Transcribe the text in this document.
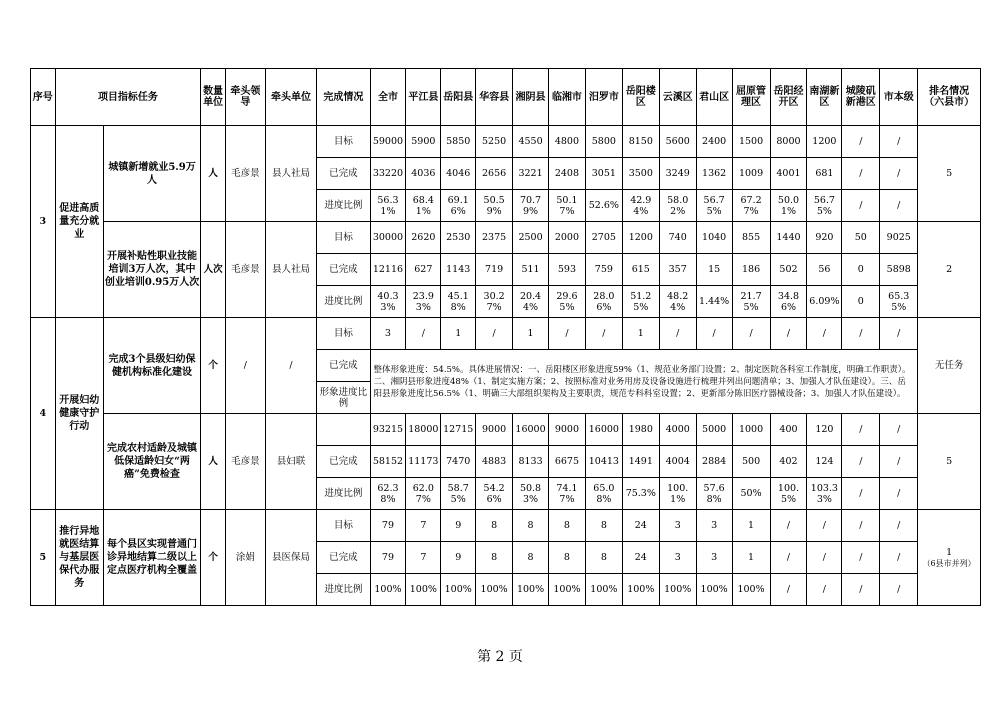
序号	项目指标任务		数量单位	牵头领导	牵头单位	完成情况	全市	平江县	岳阳县	华容县	湘阴县	临湘市	汨罗市	岳阳楼区	云溪区	君山区	屈原管理区	岳阳经开区	南湖新区	城陵矶新港区	市本级	排名情况（六县市）
3	促进高质量充分就业	城镇新增就业5.9万人	人	毛彦景	县人社局	目标	59000	5900	5850	5250	4550	4800	5800	8150	5600	2400	1500	8000	1200	/	/	5

						已完成	33220	4036	4046	2656	3221	2408	3051	3500	3249	1362	1009	4001	681	/	/	
						进度比例	56.31%	68.41%	69.16%	50.59%	70.79%	50.17%	52.6%	42.94%	58.02%	56.75%	67.27%	50.01%	56.75%	/	/	
		开展补贴性职业技能培训3万人次，其中创业培训0.95万人次	人次	毛彦景	县人社局	目标	30000	2620	2530	2375	2500	2000	2705	1200	740	1040	855	1440	920	50	9025	2

						已完成	12116	627	1143	719	511	593	759	615	357	15	186	502	56	0	5898	
						进度比例	40.33%	23.93%	45.18%	30.27%	20.44%	29.65%	28.06%	51.25%	48.24%	1.44%	21.75%	34.86%	6.09%	0	65.35%	
4	开展妇幼健康守护行动	完成3个县级妇幼保健机构标准化建设	个	/	/	目标	3	/	1	/	1	/	/	1	/	/	/	/	/	/	/	无任务

						已完成	整体形象进度：54.5%。具体进展情况：一、岳阳楼区形象进度59%（1、规范业务部门设置；2、制定医院各科室工作制度，明确工作职责）。二、湘阴县形象进度48%（1、制定实施方案；2、按照标准对业务用房及设备设施进行梳理并列出问题清单；3、加强人才队伍建设）。三、岳阳县形象进度比56.5%（1、明确三大部组织架构及主要职责，规范专科科室设置；2、更新部分陈旧医疗器械设备；3、加强人才队伍建设）。															
						形象进度比例																
		完成农村适龄及城镇低保适龄妇女“两癌”免费检查	人	毛彦景	县妇联		93215	18000	12715	9000	16000	9000	16000	1980	4000	5000	1000	400	120	/	/	5

						已完成	58152	11173	7470	4883	8133	6675	10413	1491	4004	2884	500	402	124	/	/	
						进度比例	62.38%	62.07%	58.75%	54.26%	50.83%	74.17%	65.08%	75.3%	100.1%	57.68%	50%	100.5%	103.33%	/	/	
5	推行异地就医结算与基层医保代办服务	每个县区实现普通门诊异地结算二级以上定点医疗机构全覆盖	个	涂娟	县医保局	目标	79	7	9	8	8	8	8	24	3	3	1	/	/	/	/	1
（6县市并列）

						已完成	79	7	9	8	8	8	8	24	3	3	1	/	/	/	/	
						进度比例	100%	100%	100%	100%	100%	100%	100%	100%	100%	100%	100%	/	/	/	/	
第 2 页
